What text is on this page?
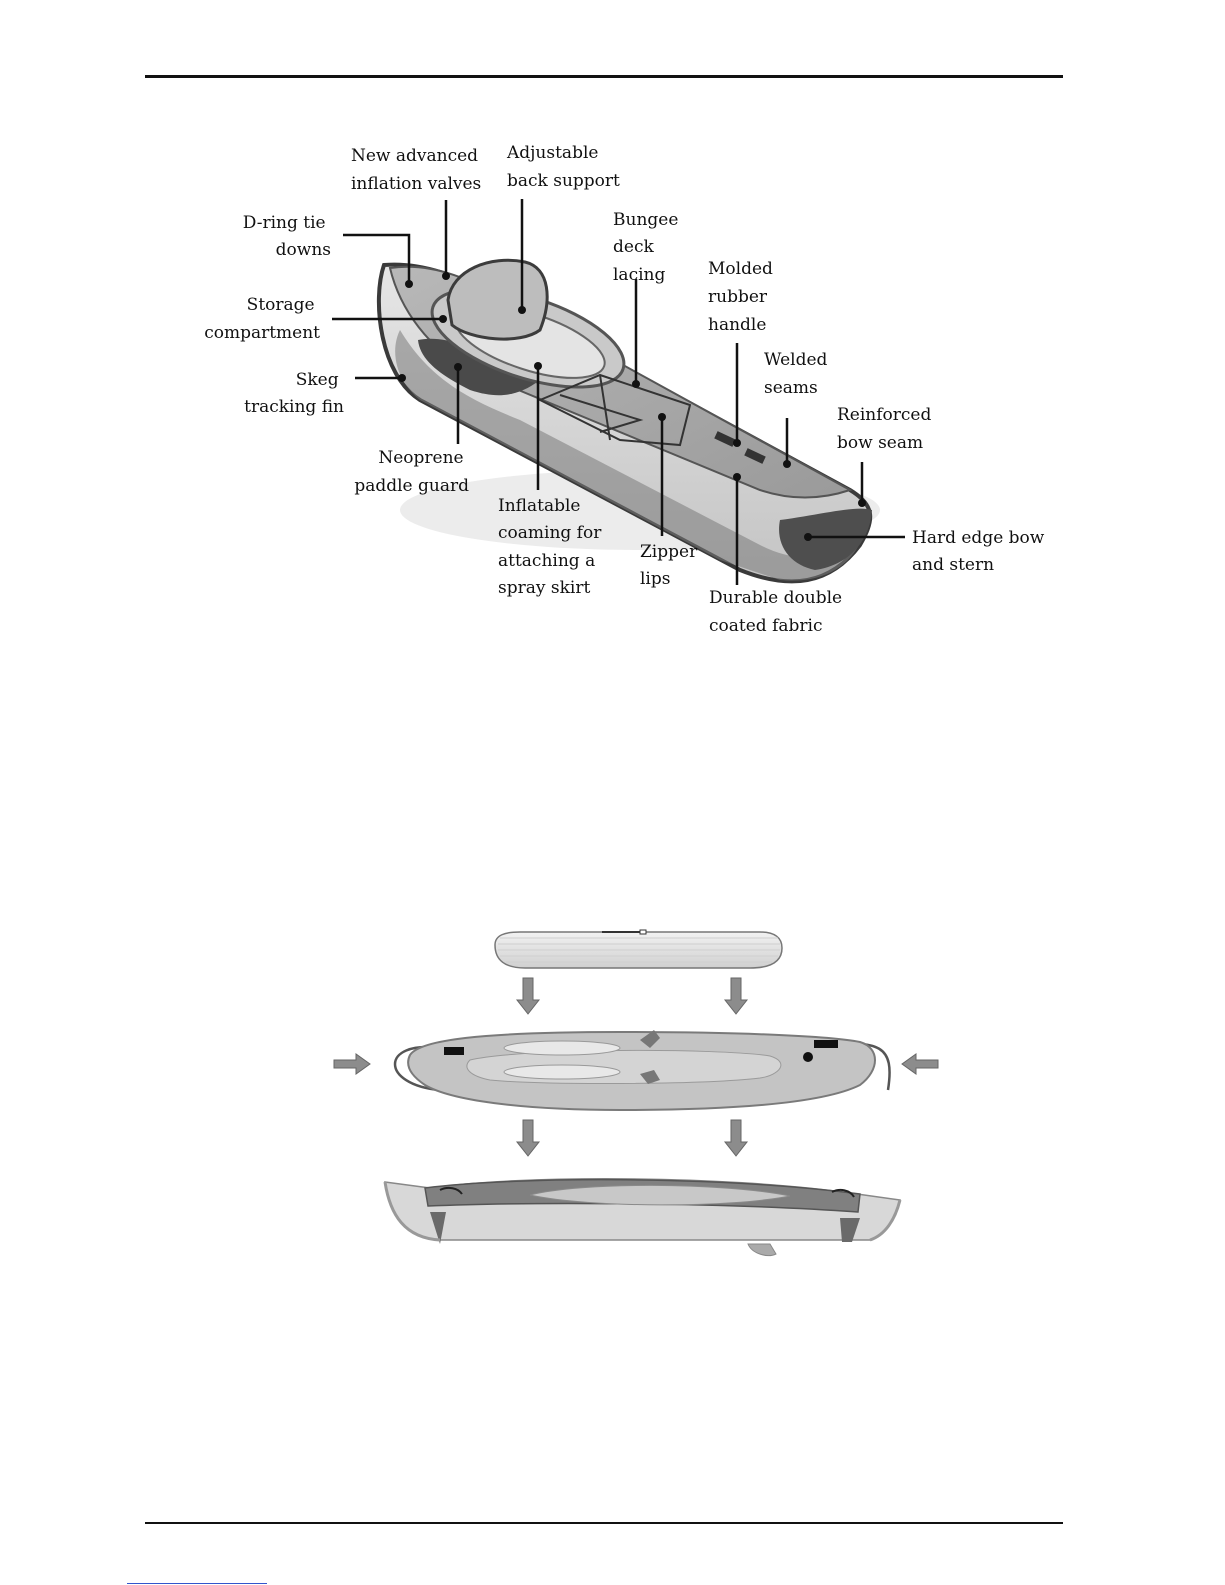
New advanced inflation valves
Adjustable back support
D-ring tie downs
Bungee deck lacing	Molded rubber handle
Storage compartment
Welded seams
Skeg tracking fin	Reinforced bow seam
Neoprene paddle guard
Inflatable coaming for attaching a spray skirt
Zipper lips
Hard edge bow and stern
Durable double coated fabric
